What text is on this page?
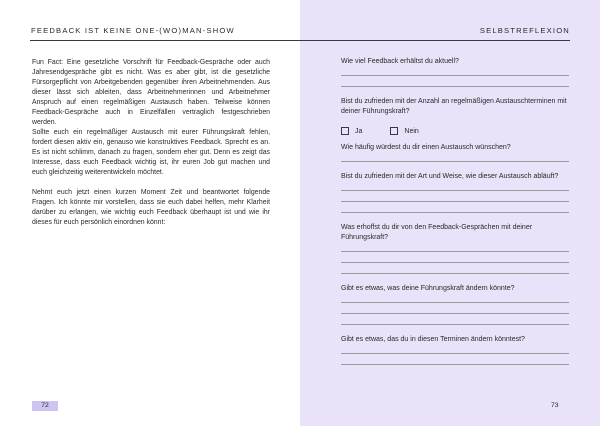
FEEDBACK IST KEINE ONE-(WO)MAN-SHOW	SELBSTREFLEXION

Fun Fact: Eine gesetzliche Vorschrift für Feedback-Gespräche oder auch Jahresendgespräche gibt es nicht. Was es aber gibt, ist die gesetzliche Fürsorgepflicht von Arbeitgebenden gegenüber ihren Arbeitnehmenden. Aus dieser lässt sich ableiten, dass Arbeitnehmerinnen und Arbeitnehmer Anspruch auf einen regelmäßigen Austausch haben. Teilweise können Feedback-Gespräche auch in Einzelfällen vertraglich festgeschrieben werden.

Sollte euch ein regelmäßiger Austausch mit eurer Führungskraft fehlen, fordert diesen aktiv ein, genauso wie konstruktives Feedback. Sprecht es an. Es ist nicht schlimm, danach zu fragen, sondern eher gut. Denn es zeigt das Interesse, dass euch Feedback wichtig ist, ihr euren Job gut machen und euch gleichzeitig weiterentwickeln möchtet.

Nehmt euch jetzt einen kurzen Moment Zeit und beantwortet folgende Fragen. Ich könnte mir vorstellen, dass sie euch dabei helfen, mehr Klarheit darüber zu erlangen, wie wichtig euch Feedback überhaupt ist und wie ihr dieses für euch persönlich einordnen könnt:

72	73
Wie viel Feedback erhältst du aktuell?
Bist du zufrieden mit der Anzahl an regelmäßigen Austauschterminen mit deiner Führungskraft?
Ja	Nein
Wie häufig würdest du dir einen Austausch wünschen?
Bist du zufrieden mit der Art und Weise, wie dieser Austausch abläuft?
Was erhoffst du dir von den Feedback-Gesprächen mit deiner Führungskraft?
Gibt es etwas, was deine Führungskraft ändern könnte?
Gibt es etwas, das du in diesen Terminen ändern könntest?
